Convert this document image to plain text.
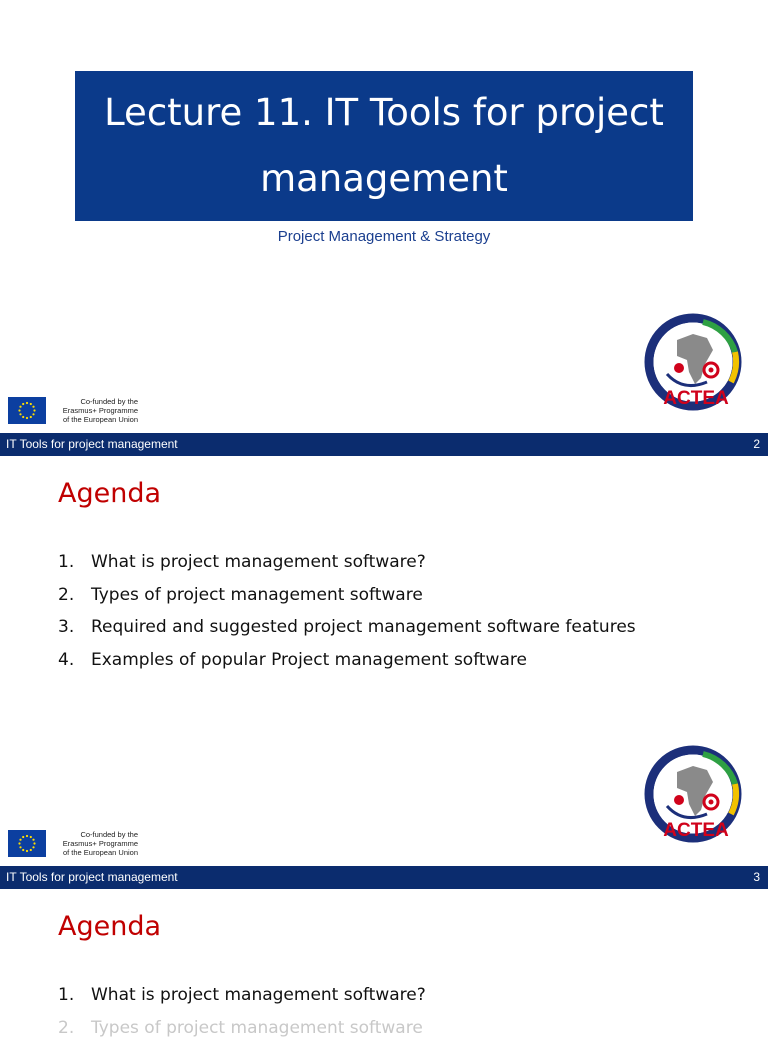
Lecture 11. IT Tools for project
management
Project Management & Strategy
Co-funded by the
Erasmus+ Programme
of the European Union
ACTEA
IT Tools for project management	2
Agenda
1. What is project management software?
2. Types of project management software
3. Required and suggested project management software features
4. Examples of popular Project management software
Co-funded by the
Erasmus+ Programme
of the European Union
ACTEA
IT Tools for project management	3
Agenda
1. What is project management software?
2. Types of project management software
